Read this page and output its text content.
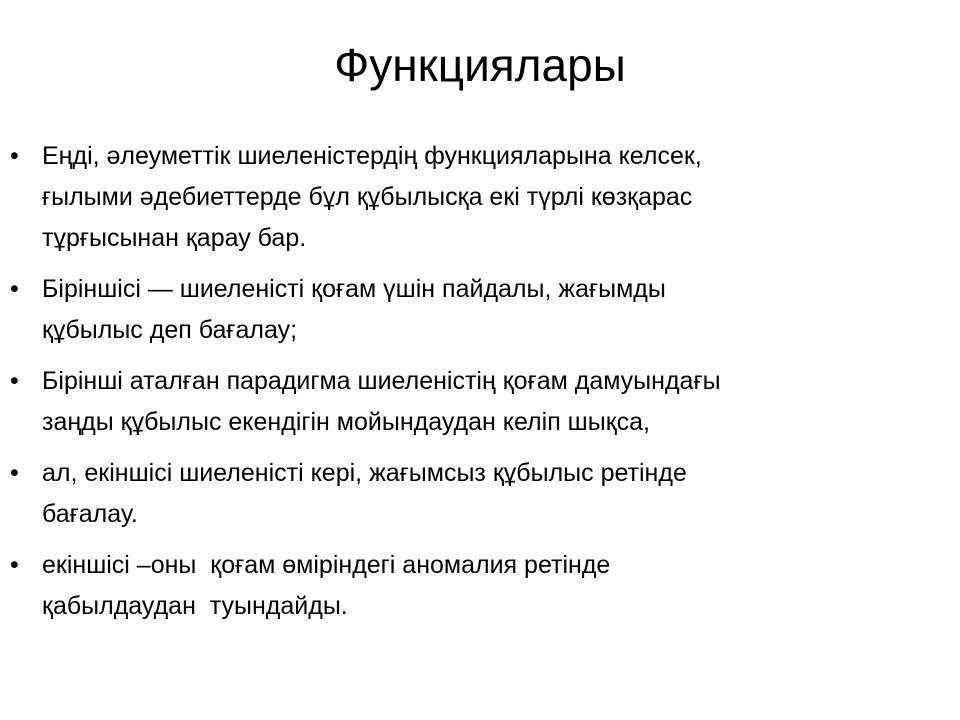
Функциялары
• Еңді, әлеуметтік шиеленістердің функцияларына келсек,
ғылыми әдебиеттерде бұл құбылысқа екі түрлі көзқарас
тұрғысынан қарау бар.
• Біріншісі — шиеленісті қоғам үшін пайдалы, жағымды
құбылыс деп бағалау;
• Бірінші аталған парадигма шиеленістің қоғам дамуындағы
заңды құбылыс екендігін мойындаудан келіп шықса,
• ал, екіншісі шиеленісті кері, жағымсыз құбылыс ретінде
бағалау.
• екіншісі –оны  қоғам өміріндегі аномалия ретінде
қабылдаудан  туындайды.
